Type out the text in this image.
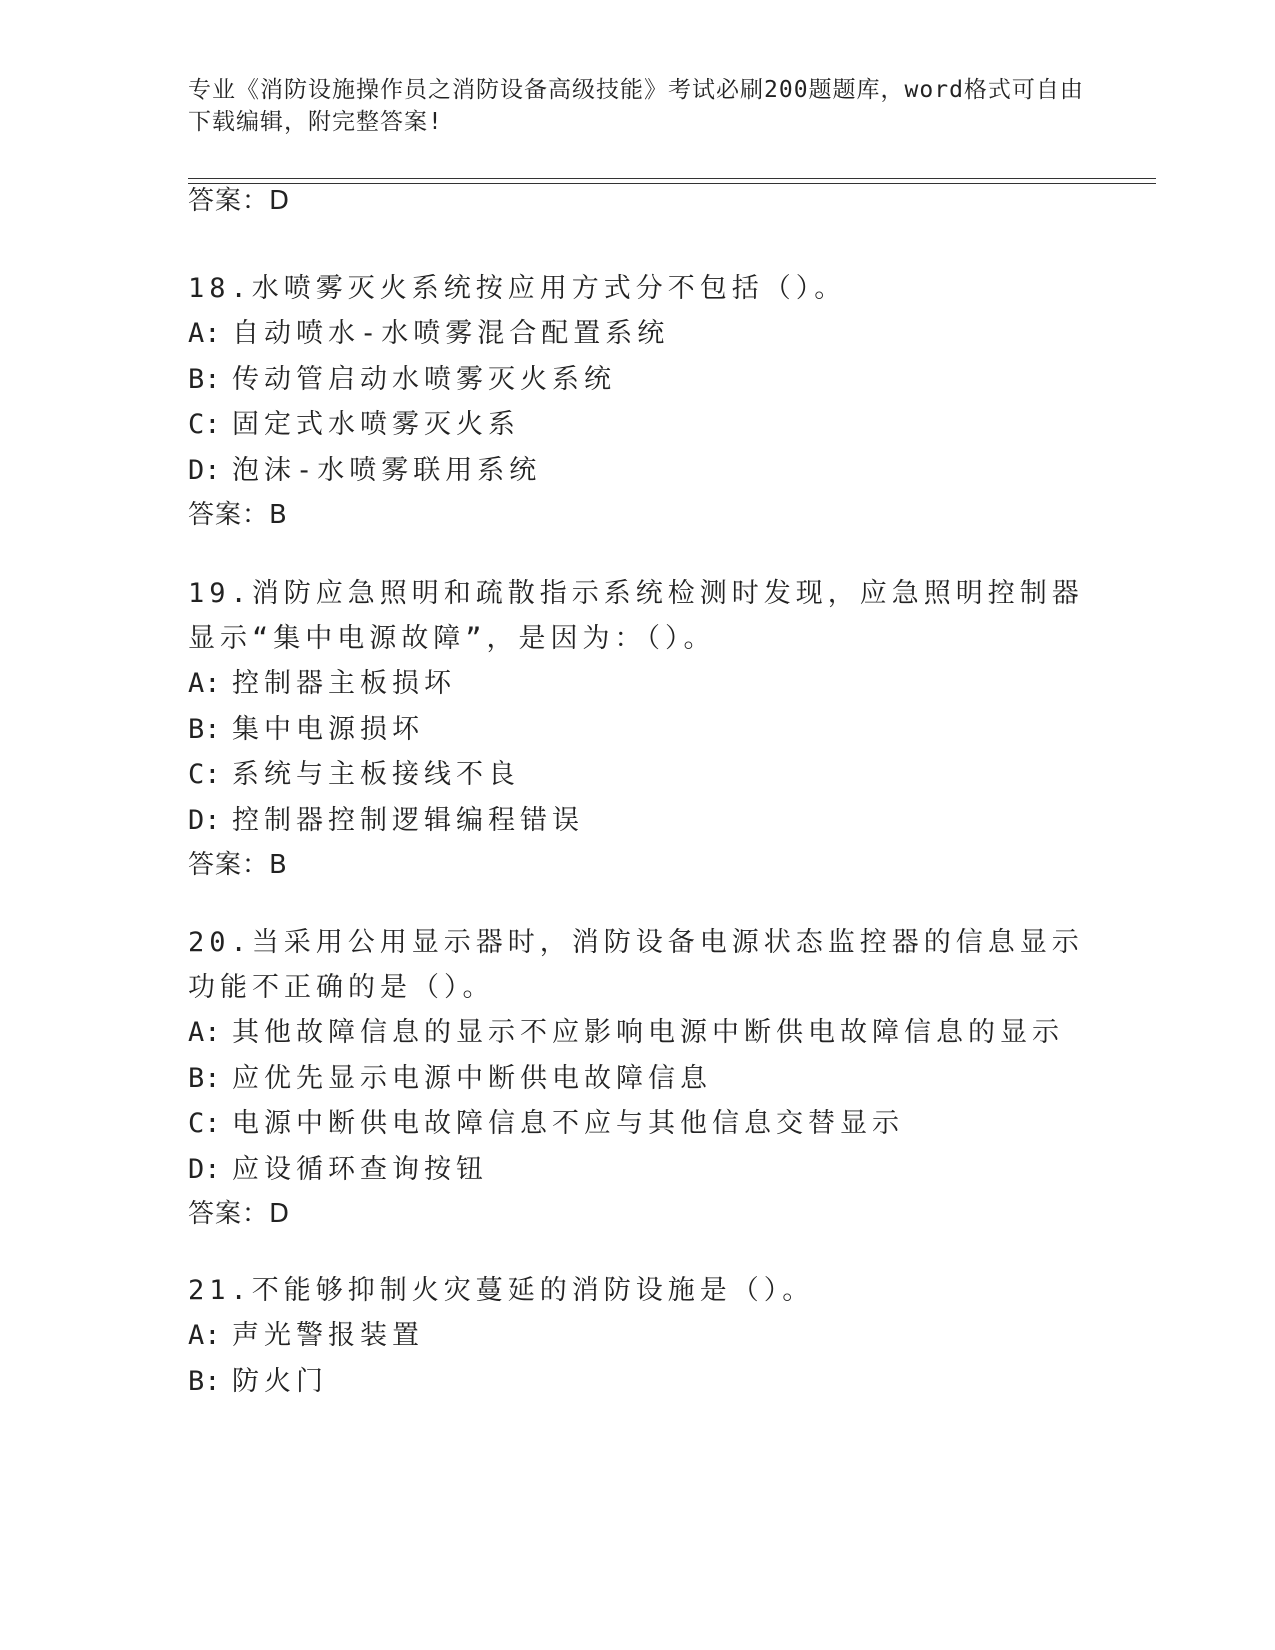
专业《消防设施操作员之消防设备高级技能》考试必刷200题题库，word格式可自由下载编辑，附完整答案!
答案：D

18.水喷雾灭火系统按应用方式分不包括（）。

A: 自动喷水-水喷雾混合配置系统

B: 传动管启动水喷雾灭火系统

C: 固定式水喷雾灭火系

D: 泡沫-水喷雾联用系统

答案：B

19.消防应急照明和疏散指示系统检测时发现，应急照明控制器显示“集中电源故障”，是因为：（）。

A: 控制器主板损坏

B: 集中电源损坏

C: 系统与主板接线不良

D: 控制器控制逻辑编程错误

答案：B

20.当采用公用显示器时，消防设备电源状态监控器的信息显示功能不正确的是（）。

A: 其他故障信息的显示不应影响电源中断供电故障信息的显示

B: 应优先显示电源中断供电故障信息

C: 电源中断供电故障信息不应与其他信息交替显示

D: 应设循环查询按钮

答案：D

21.不能够抑制火灾蔓延的消防设施是（）。

A: 声光警报装置

B: 防火门
